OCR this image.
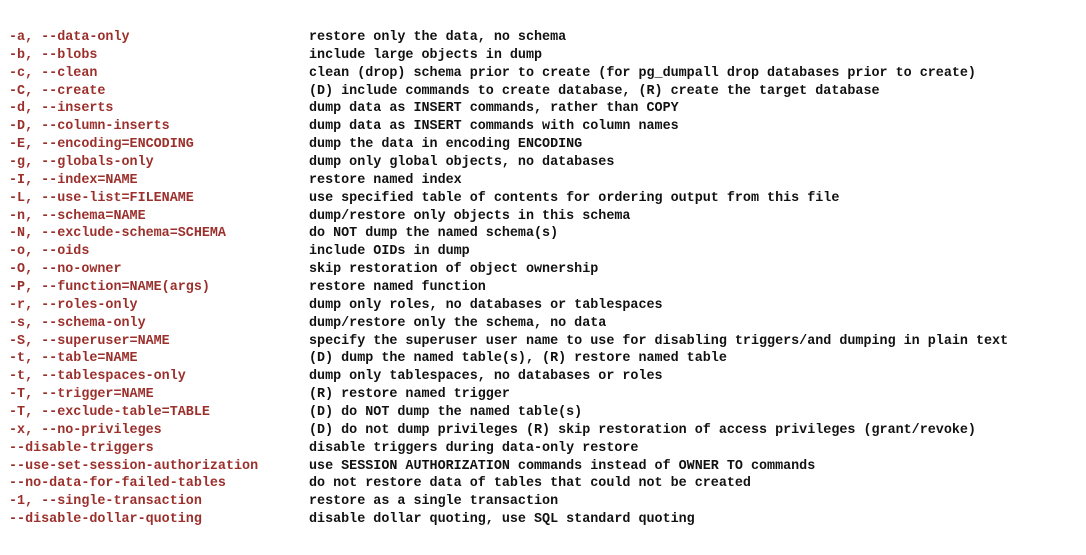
-a, --data-only	restore only the data, no schema
-b, --blobs	include large objects in dump
-c, --clean	clean (drop) schema prior to create (for pg_dumpall drop databases prior to create)
-C, --create	(D) include commands to create database, (R) create the target database
-d, --inserts	dump data as INSERT commands, rather than COPY
-D, --column-inserts	dump data as INSERT commands with column names
-E, --encoding=ENCODING	dump the data in encoding ENCODING
-g, --globals-only	dump only global objects, no databases
-I, --index=NAME	restore named index
-L, --use-list=FILENAME	use specified table of contents for ordering output from this file
-n, --schema=NAME	dump/restore only objects in this schema
-N, --exclude-schema=SCHEMA	do NOT dump the named schema(s)
-o, --oids	include OIDs in dump
-O, --no-owner	skip restoration of object ownership
-P, --function=NAME(args)	restore named function
-r, --roles-only	dump only roles, no databases or tablespaces
-s, --schema-only	dump/restore only the schema, no data
-S, --superuser=NAME	specify the superuser user name to use for disabling triggers/and dumping in plain text
-t, --table=NAME	(D) dump the named table(s), (R) restore named table
-t, --tablespaces-only	dump only tablespaces, no databases or roles
-T, --trigger=NAME	(R) restore named trigger
-T, --exclude-table=TABLE	(D) do NOT dump the named table(s)
-x, --no-privileges	(D) do not dump privileges (R) skip restoration of access privileges (grant/revoke)
--disable-triggers	disable triggers during data-only restore
--use-set-session-authorization	use SESSION AUTHORIZATION commands instead of OWNER TO commands
--no-data-for-failed-tables	do not restore data of tables that could not be created
-1, --single-transaction	restore as a single transaction
--disable-dollar-quoting	disable dollar quoting, use SQL standard quoting
